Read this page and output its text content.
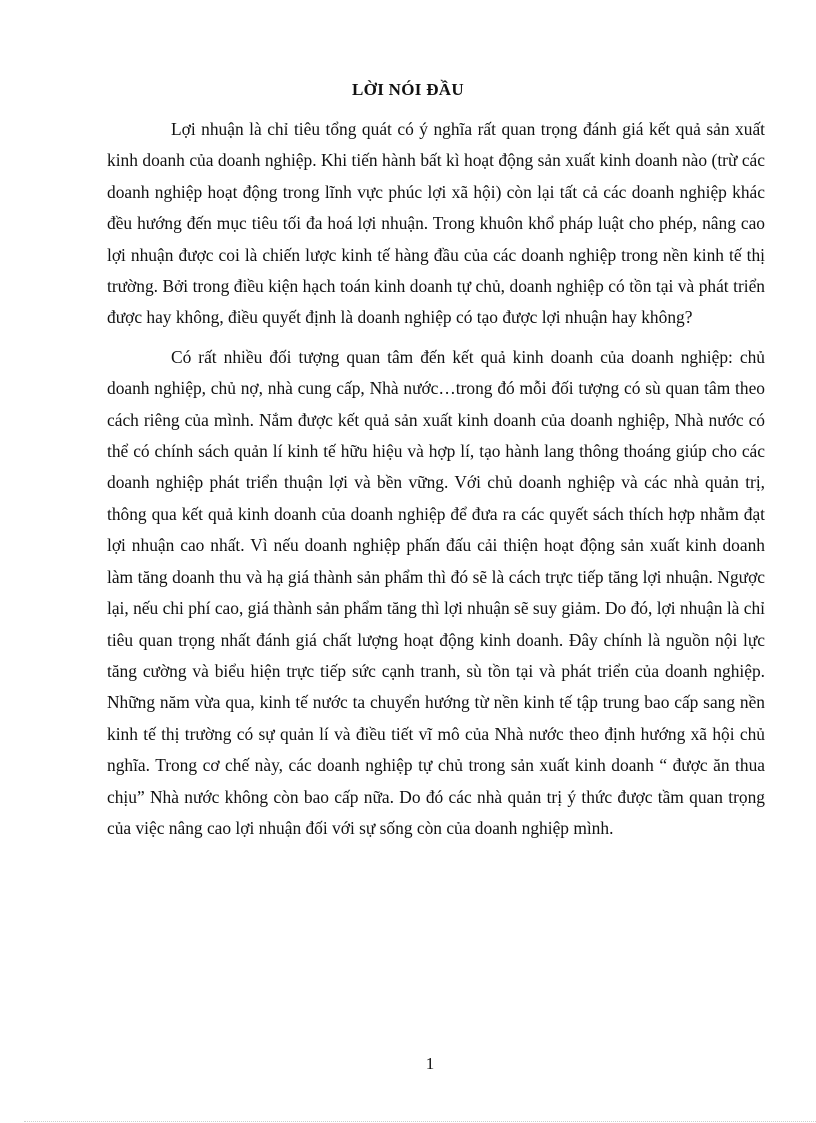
LỜI NÓI ĐẦU

Lợi nhuận là chỉ tiêu tổng quát có ý nghĩa rất quan trọng đánh giá kết quả sản xuất kinh doanh của doanh nghiệp. Khi tiến hành bất kì hoạt động sản xuất kinh doanh nào (trừ các doanh nghiệp hoạt động trong lĩnh vực phúc lợi xã hội) còn lại tất cả các doanh nghiệp khác đều hướng đến mục tiêu tối đa hoá lợi nhuận. Trong khuôn khổ pháp luật cho phép, nâng cao lợi nhuận được coi là chiến lược kinh tế hàng đầu của các doanh nghiệp trong nền kinh tế thị trường. Bởi trong điều kiện hạch toán kinh doanh tự chủ, doanh nghiệp có tồn tại và phát triển được hay không, điều quyết định là doanh nghiệp có tạo được lợi nhuận hay không?

Có rất nhiều đối tượng quan tâm đến kết quả kinh doanh của doanh nghiệp: chủ doanh nghiệp, chủ nợ, nhà cung cấp, Nhà nước…trong đó mỗi đối tượng có sù quan tâm theo cách riêng của mình. Nắm được kết quả sản xuất kinh doanh của doanh nghiệp, Nhà nước có thể có chính sách quản lí kinh tế hữu hiệu và hợp lí, tạo hành lang thông thoáng giúp cho các doanh nghiệp phát triển thuận lợi và bền vững. Với chủ doanh nghiệp và các nhà quản trị, thông qua kết quả kinh doanh của doanh nghiệp để đưa ra các quyết sách thích hợp nhằm đạt lợi nhuận cao nhất. Vì nếu doanh nghiệp phấn đấu cải thiện hoạt động sản xuất kinh doanh làm tăng doanh thu và hạ giá thành sản phẩm thì đó sẽ là cách trực tiếp tăng lợi nhuận. Ngược lại, nếu chi phí cao, giá thành sản phẩm tăng thì lợi nhuận sẽ suy giảm. Do đó, lợi nhuận là chỉ tiêu quan trọng nhất đánh giá chất lượng hoạt động kinh doanh. Đây chính là nguồn nội lực tăng cường và biểu hiện trực tiếp sức cạnh tranh, sù tồn tại và phát triển của doanh nghiệp. Những năm vừa qua, kinh tế nước ta chuyển hướng từ nền kinh tế tập trung bao cấp sang nền kinh tế thị trường có sự quản lí và điều tiết vĩ mô của Nhà nước theo định hướng xã hội chủ nghĩa. Trong cơ chế này, các doanh nghiệp tự chủ trong sản xuất kinh doanh “ được ăn thua chịu” Nhà nước không còn bao cấp nữa. Do đó các nhà quản trị ý thức được tầm quan trọng của việc nâng cao lợi nhuận đối với sự sống còn của doanh nghiệp mình.

1
